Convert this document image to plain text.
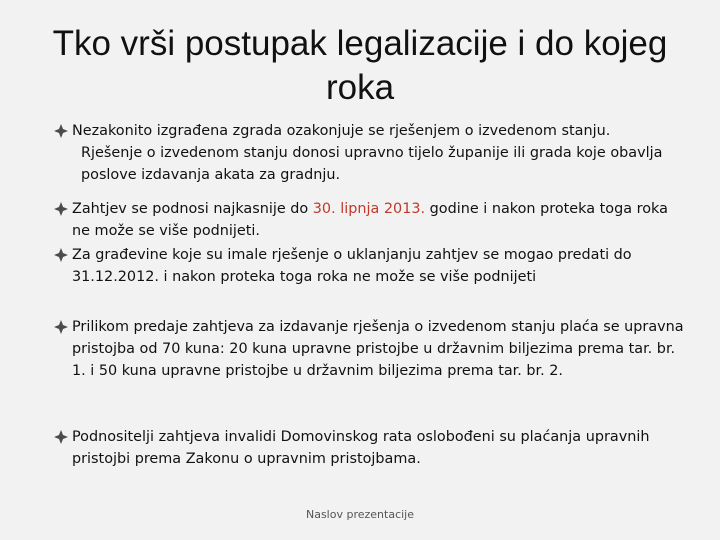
Tko vrši postupak legalizacije i do kojeg roka
Nezakonito izgrađena zgrada ozakonjuje se rješenjem o izvedenom stanju.
Rješenje o izvedenom stanju donosi upravno tijelo županije ili grada koje obavlja poslove izdavanja akata za gradnju.
Zahtjev se podnosi najkasnije do 30. lipnja 2013. godine i nakon proteka toga roka ne može se više podnijeti.
Za građevine koje su imale rješenje o uklanjanju zahtjev se mogao predati do 31.12.2012. i nakon proteka toga roka ne može se više podnijeti
Prilikom predaje zahtjeva za izdavanje rješenja o izvedenom stanju plaća se upravna pristojba od 70 kuna: 20 kuna upravne pristojbe u državnim biljezima prema tar. br. 1. i 50 kuna upravne pristojbe u državnim biljezima prema tar. br. 2.
Podnositelji zahtjeva invalidi Domovinskog rata oslobođeni su plaćanja upravnih pristojbi prema Zakonu o upravnim pristojbama.
Naslov prezentacije
